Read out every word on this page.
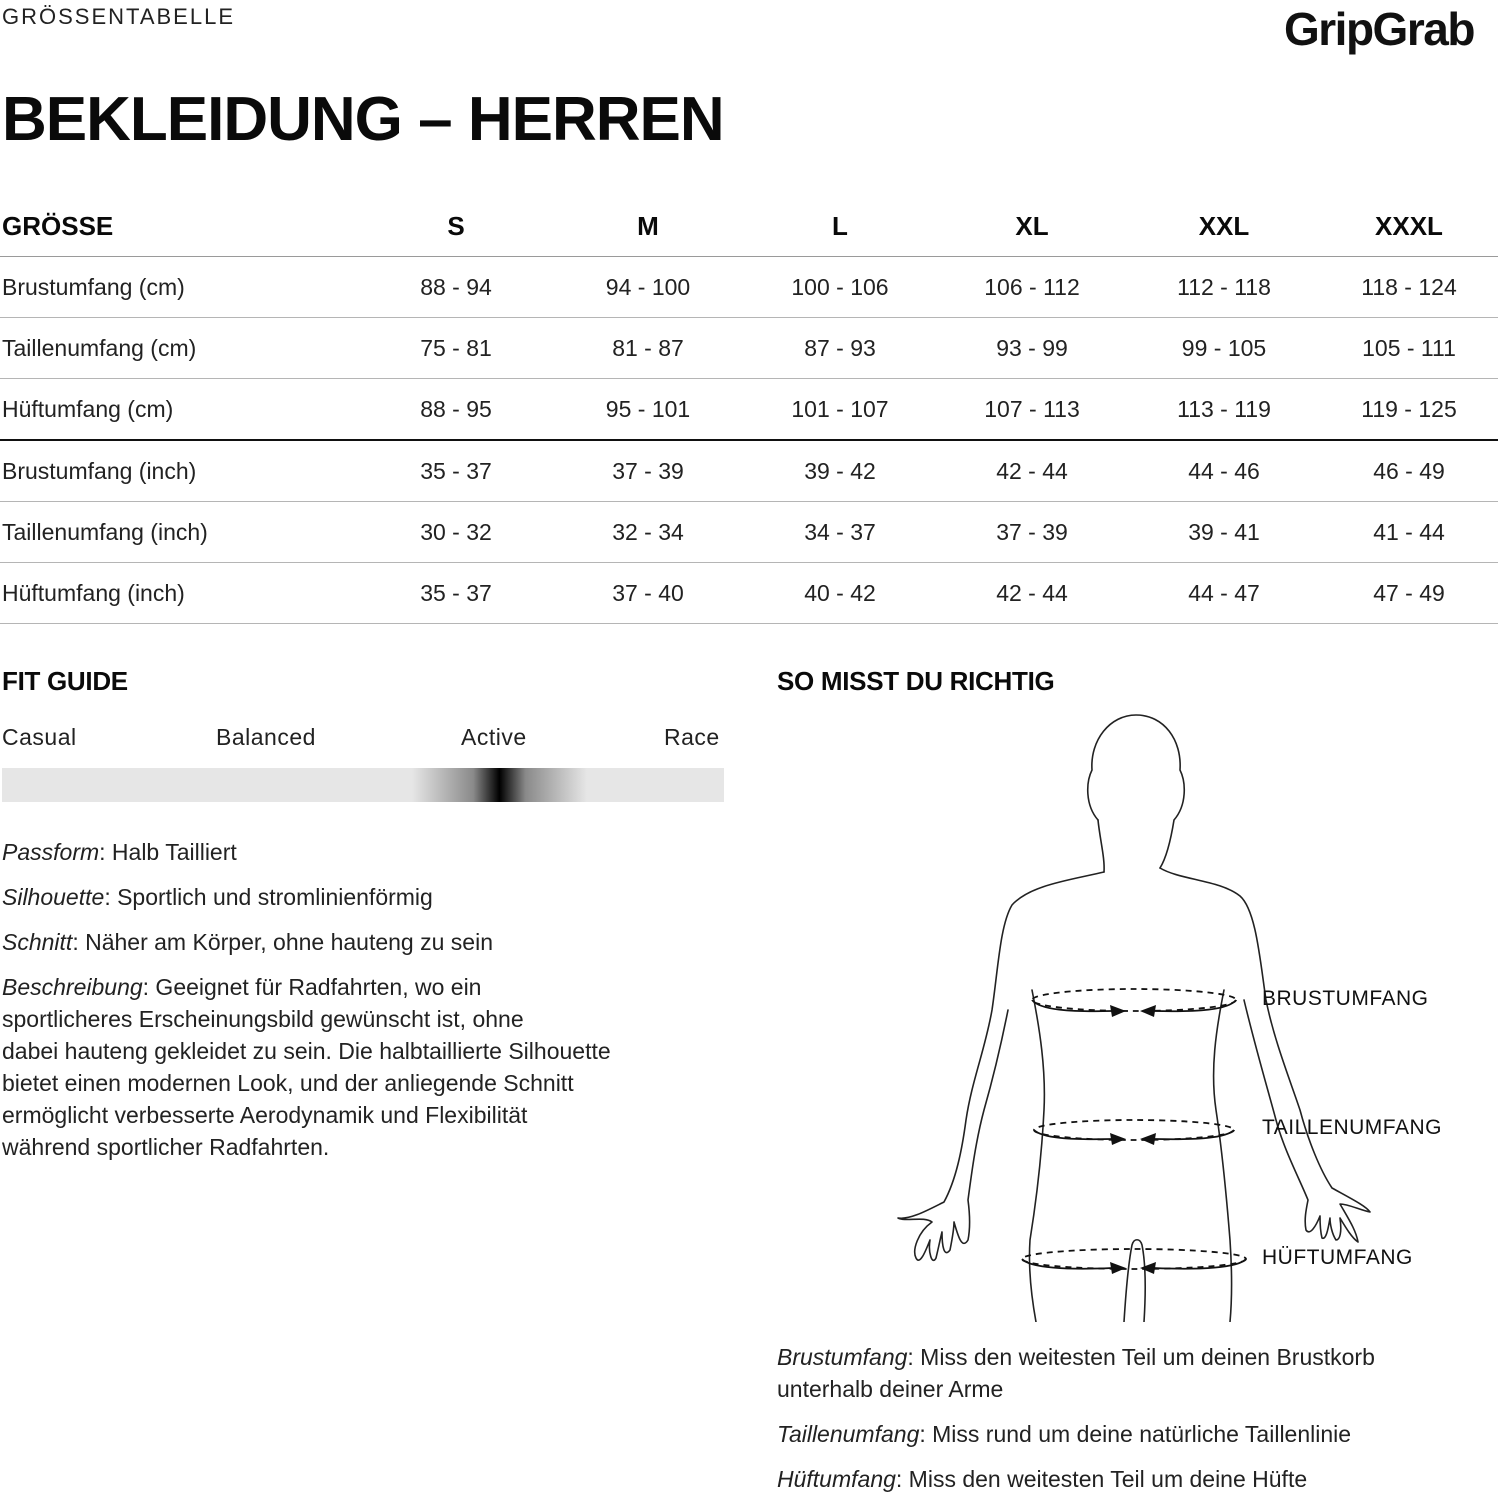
GRÖSSENTABELLE	GripGrab
BEKLEIDUNG – HERREN
GRÖSSE	S	M	L	XL	XXL	XXXL
Brustumfang (cm)	88 - 94	94 - 100	100 - 106	106 - 112	112 - 118	118 - 124
Taillenumfang (cm)	75 - 81	81 - 87	87 - 93	93 - 99	99 - 105	105 - 111
Hüftumfang (cm)	88 - 95	95 - 101	101 - 107	107 - 113	113 - 119	119 - 125
Brustumfang (inch)	35 - 37	37 - 39	39 - 42	42 - 44	44 - 46	46 - 49
Taillenumfang (inch)	30 - 32	32 - 34	34 - 37	37 - 39	39 - 41	41 - 44
Hüftumfang (inch)	35 - 37	37 - 40	40 - 42	42 - 44	44 - 47	47 - 49
FIT GUIDE
Casual	Balanced	Active	Race

Passform: Halb Tailliert

Silhouette: Sportlich und stromlinienförmig

Schnitt: Näher am Körper, ohne hauteng zu sein

Beschreibung: Geeignet für Radfahrten, wo ein
sportlicheres Erscheinungsbild gewünscht ist, ohne
dabei hauteng gekleidet zu sein. Die halbtaillierte Silhouette
bietet einen modernen Look, und der anliegende Schnitt
ermöglicht verbesserte Aerodynamik und Flexibilität
während sportlicher Radfahrten.

SO MISST DU RICHTIG
BRUSTUMFANG
TAILLENUMFANG
HÜFTUMFANG

Brustumfang: Miss den weitesten Teil um deinen Brustkorb
unterhalb deiner Arme

Taillenumfang: Miss rund um deine natürliche Taillenlinie

Hüftumfang: Miss den weitesten Teil um deine Hüfte
